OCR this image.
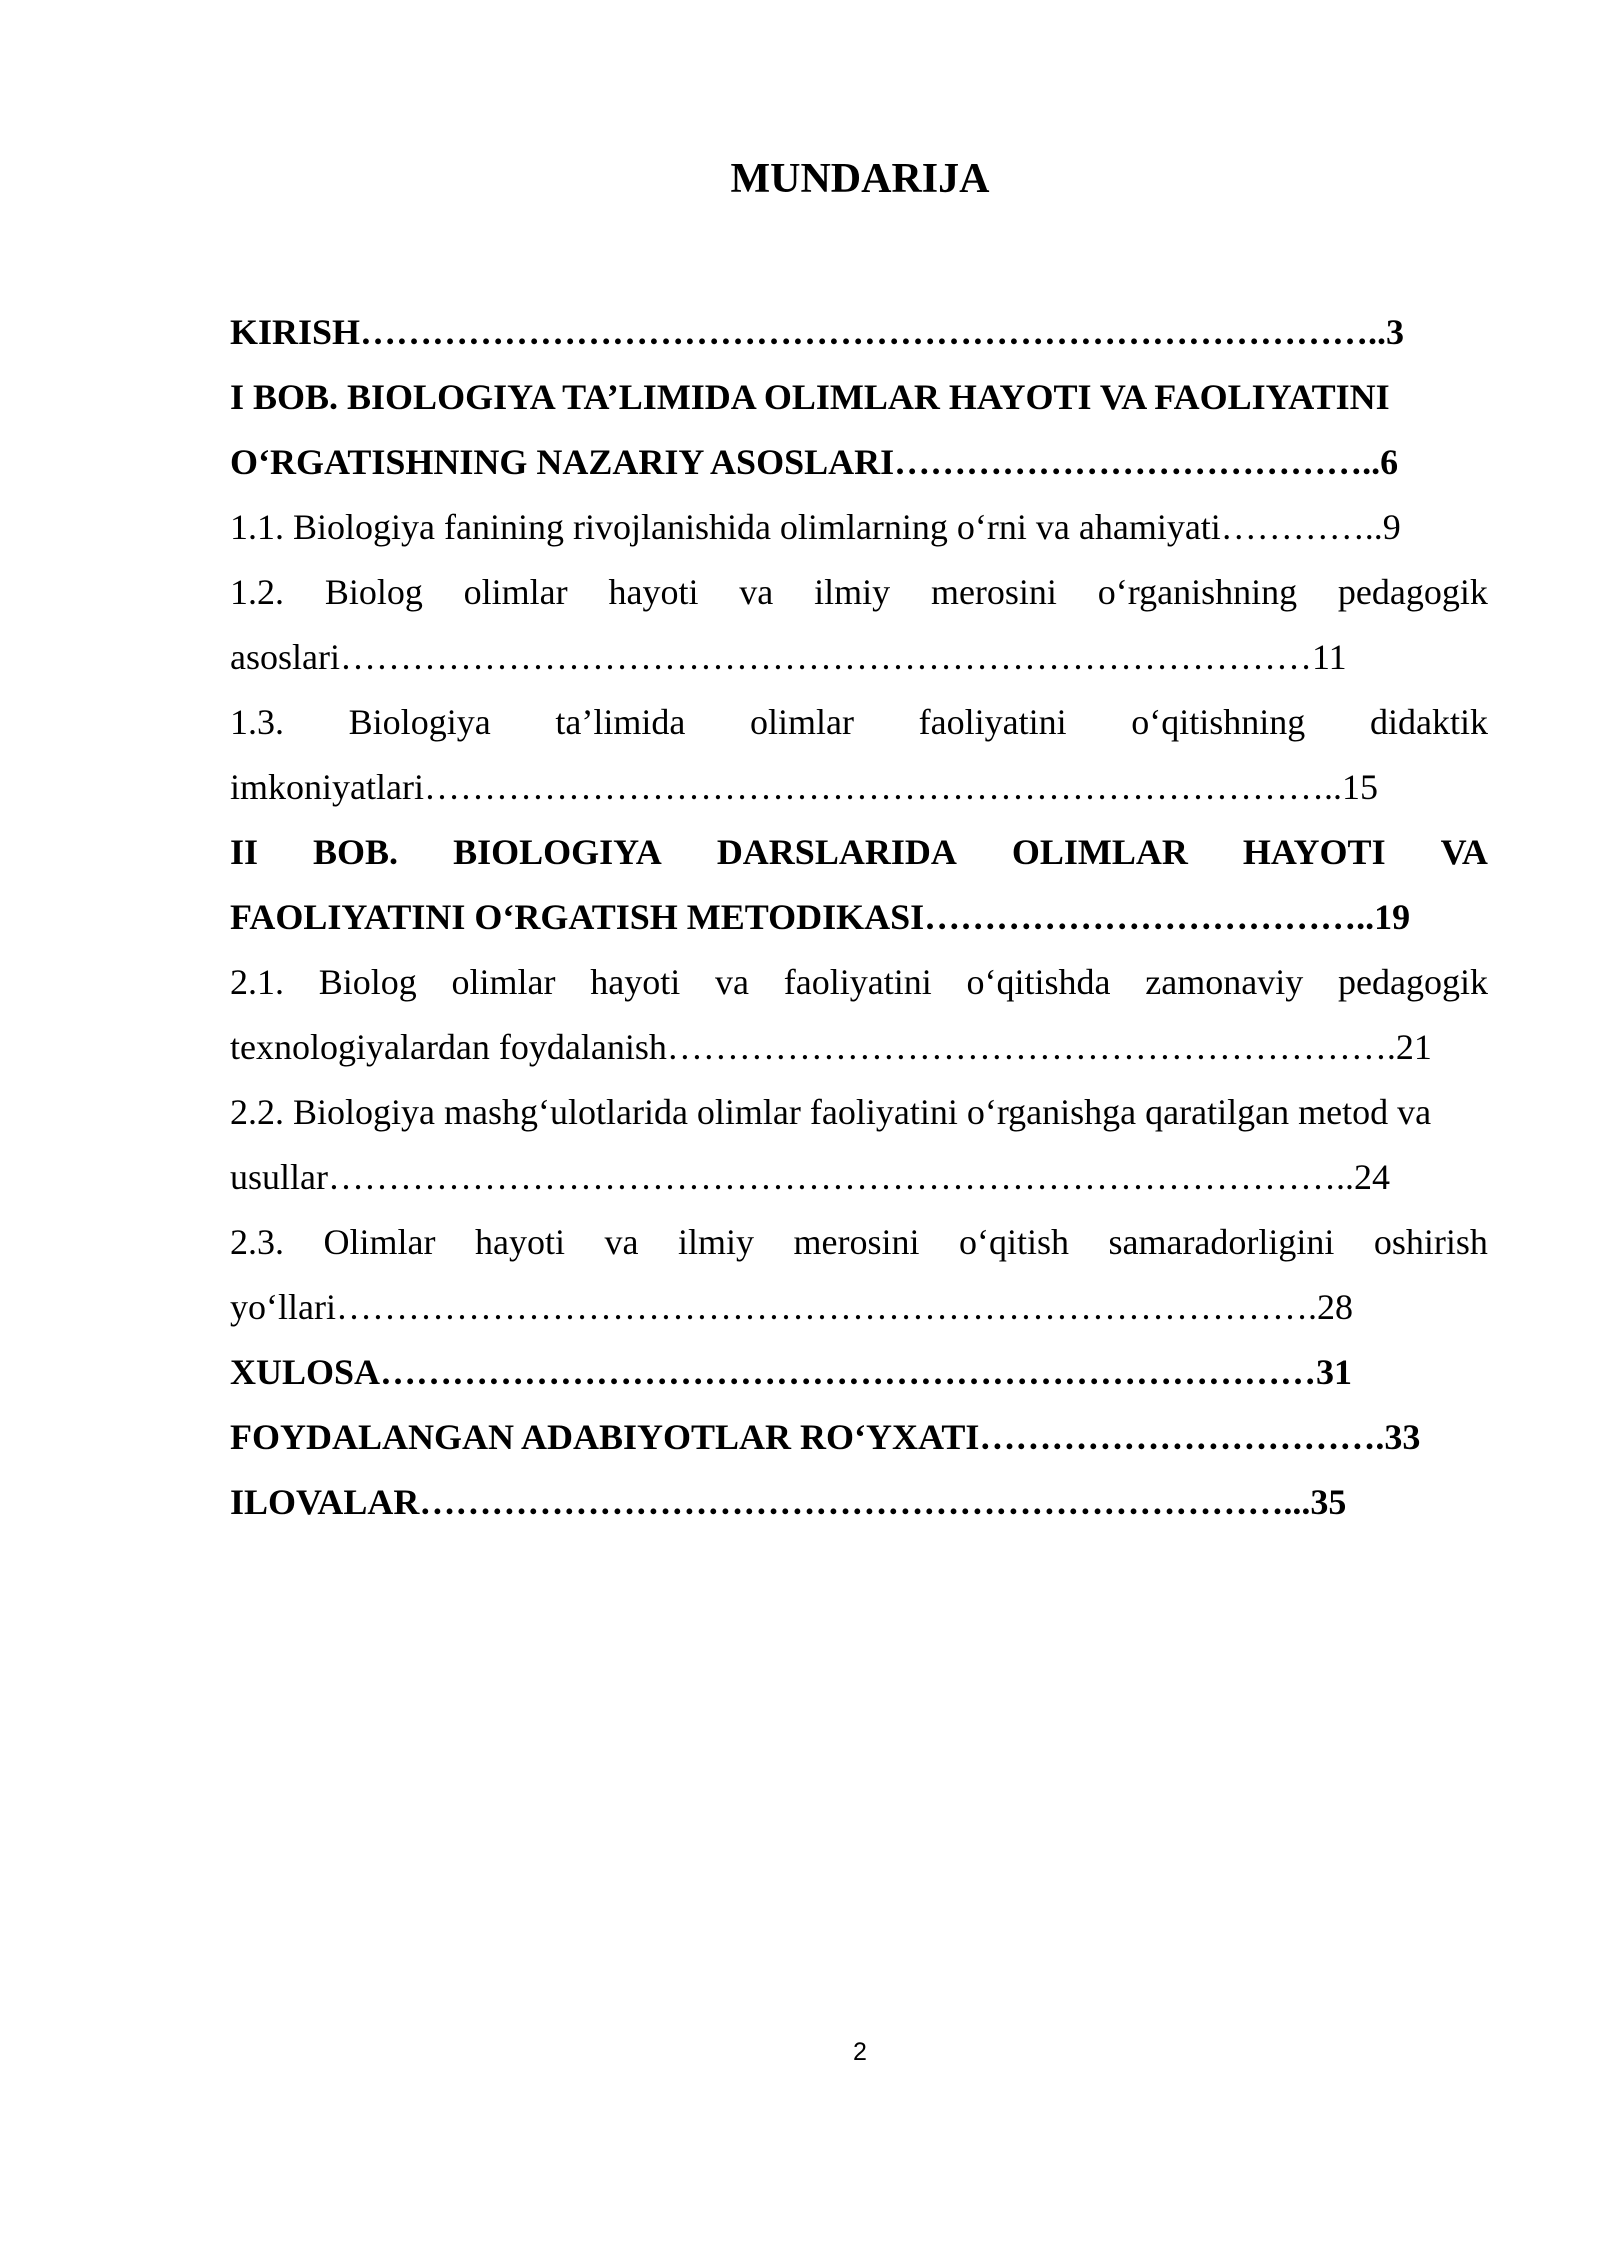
MUNDARIJA
KIRISH…………………………………………………………………………..3
I BOB. BIOLOGIYA TA’LIMIDA OLIMLAR HAYOTI VA FAOLIYATINI
O‘RGATISHNING NAZARIY ASOSLARI…………………………………..6
1.1. Biologiya fanining rivojlanishida olimlarning o‘rni va ahamiyati…………..9
1.2. Biolog olimlar hayoti va ilmiy merosini o‘rganishning pedagogik
asoslari………………………………………………………………………11
1.3. Biologiya ta’limida olimlar faoliyatini o‘qitishning didaktik
imkoniyatlari…………………………………………………………………..15
II BOB. BIOLOGIYA DARSLARIDA OLIMLAR HAYOTI VA
FAOLIYATINI O‘RGATISH METODIKASI………………………………..19
2.1. Biolog olimlar hayoti va faoliyatini o‘qitishda zamonaviy pedagogik
texnologiyalardan foydalanish…………………………………………………….21
2.2. Biologiya mashg‘ulotlarida olimlar faoliyatini o‘rganishga qaratilgan metod va
usullar…………………………………………………………………………..24
2.3. Olimlar hayoti va ilmiy merosini o‘qitish samaradorligini oshirish
yo‘llari……………………………………………………………………….28
XULOSA……………………………………………………………………31
FOYDALANGAN ADABIYOTLAR RO‘YXATI…………………………….33
ILOVALAR………………………………………………………………...35
2
